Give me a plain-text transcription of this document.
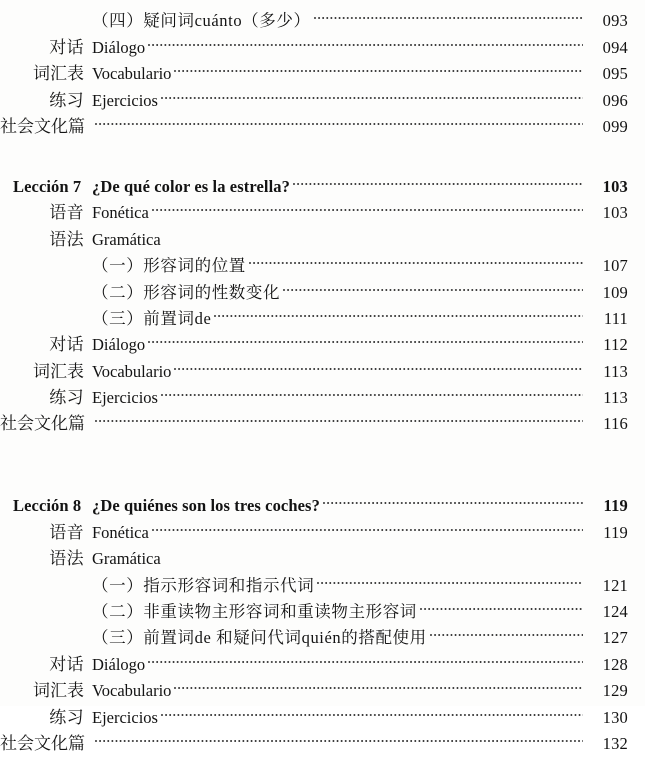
（四）疑问词cuánto（多少）	093
对话 Diálogo	094
词汇表 Vocabulario	095
练习 Ejercicios	096
社会文化篇	099
Lección 7 ¿De qué color es la estrella?	103
语音 Fonética	103
语法 Gramática
（一）形容词的位置	107
（二）形容词的性数变化	109
（三）前置词de	111
对话 Diálogo	112
词汇表 Vocabulario	113
练习 Ejercicios	113
社会文化篇	116
Lección 8 ¿De quiénes son los tres coches?	119
语音 Fonética	119
语法 Gramática
（一）指示形容词和指示代词	121
（二）非重读物主形容词和重读物主形容词	124
（三）前置词de 和疑问代词quién的搭配使用	127
对话 Diálogo	128
词汇表 Vocabulario	129
练习 Ejercicios	130
社会文化篇	132
